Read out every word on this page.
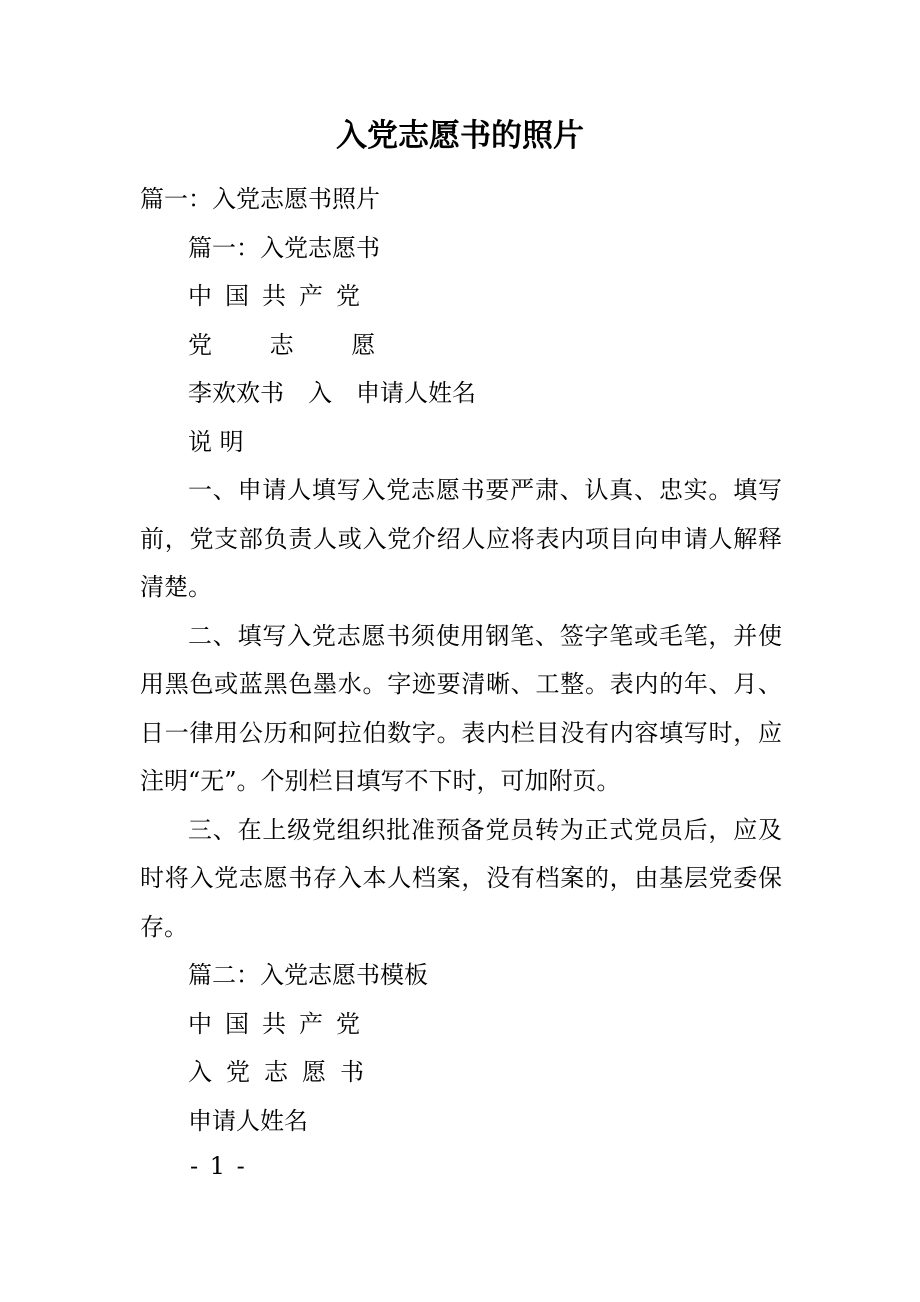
入党志愿书的照片

篇一：入党志愿书照片

篇一：入党志愿书

中国共产党

党 志 愿

李欢欢书　入　申请人姓名

说 明

一、申请人填写入党志愿书要严肃、认真、忠实。填写前，党支部负责人或入党介绍人应将表内项目向申请人解释清楚。

二、填写入党志愿书须使用钢笔、签字笔或毛笔，并使用黑色或蓝黑色墨水。字迹要清晰、工整。表内的年、月、日一律用公历和阿拉伯数字。表内栏目没有内容填写时，应注明“无”。个别栏目填写不下时，可加附页。

三、在上级党组织批准预备党员转为正式党员后，应及时将入党志愿书存入本人档案，没有档案的，由基层党委保存。

篇二：入党志愿书模板

中国共产党

入党志愿书

申请人姓名

- 1 -
